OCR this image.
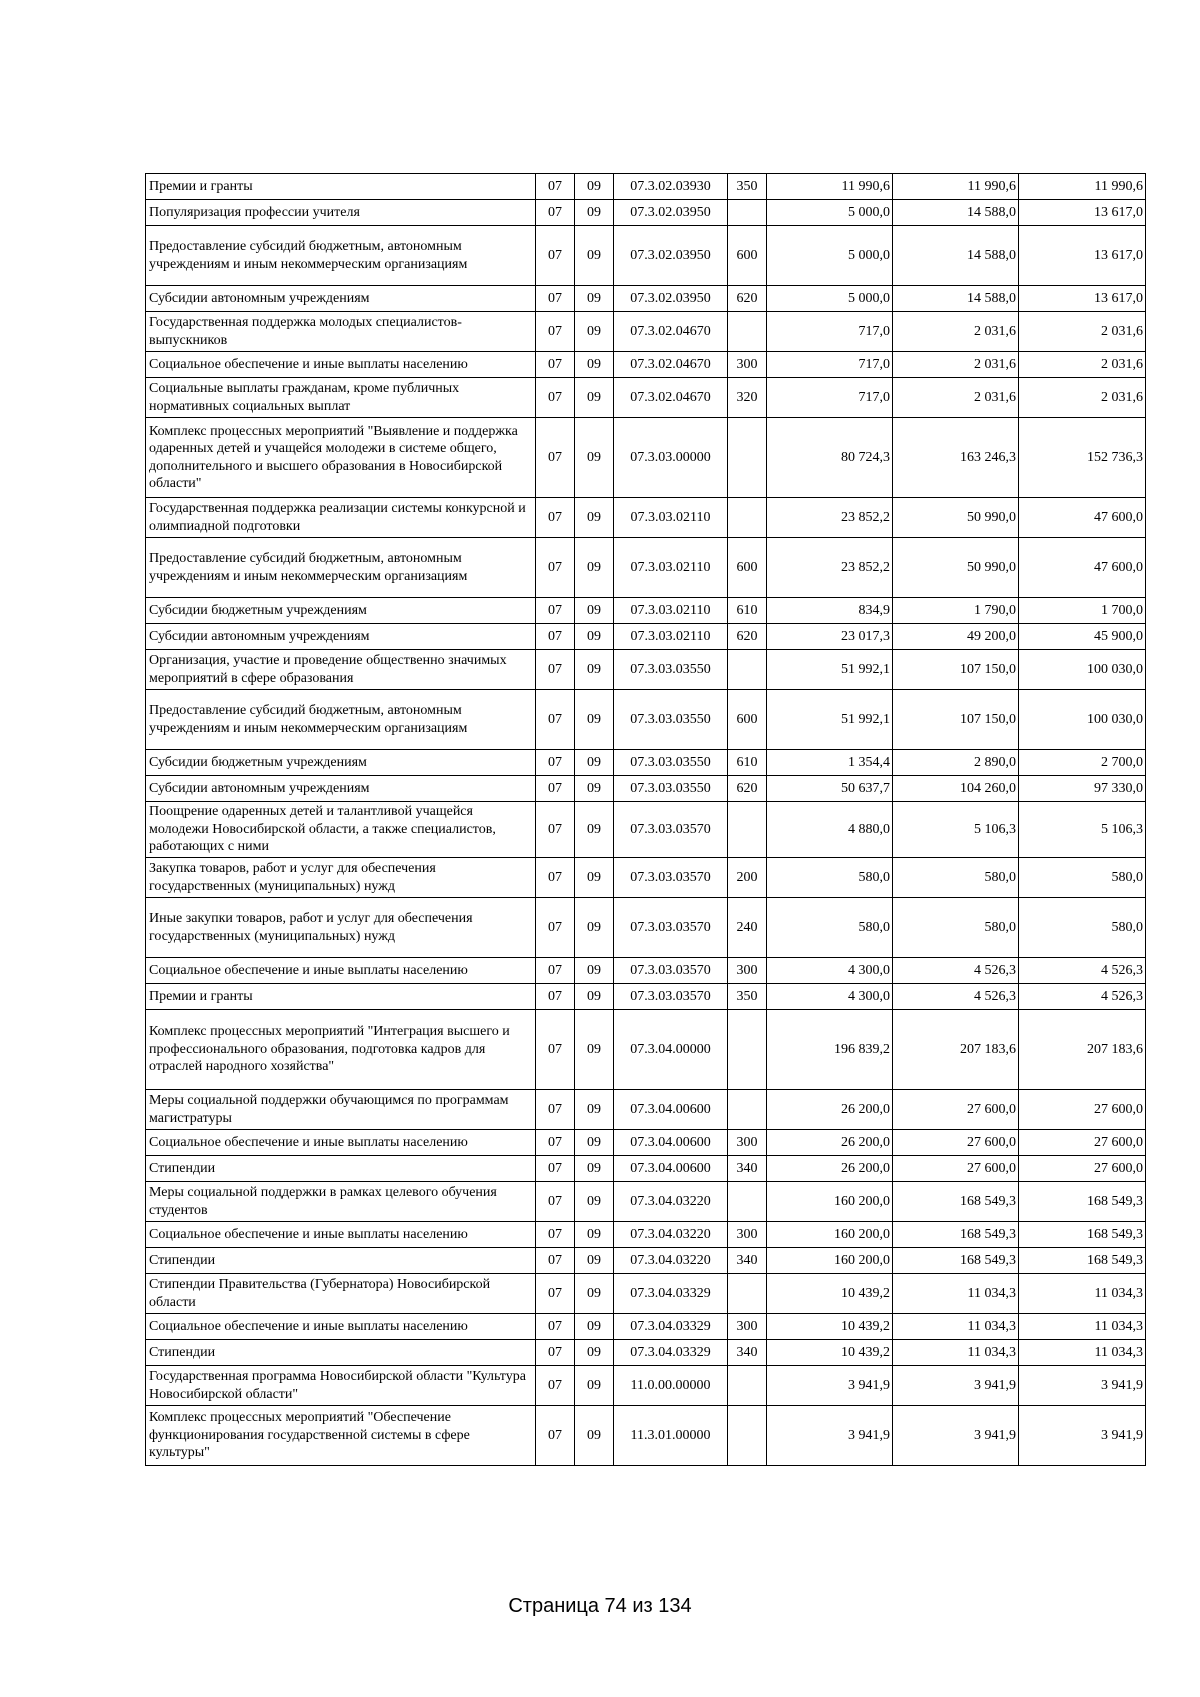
Премии и гранты	07	09	07.3.02.03930	350	11 990,6	11 990,6	11 990,6
Популяризация профессии учителя	07	09	07.3.02.03950		5 000,0	14 588,0	13 617,0
Предоставление субсидий бюджетным, автономным учреждениям и иным некоммерческим организациям	07	09	07.3.02.03950	600	5 000,0	14 588,0	13 617,0
Субсидии автономным учреждениям	07	09	07.3.02.03950	620	5 000,0	14 588,0	13 617,0
Государственная поддержка молодых специалистов-выпускников	07	09	07.3.02.04670		717,0	2 031,6	2 031,6
Социальное обеспечение и иные выплаты населению	07	09	07.3.02.04670	300	717,0	2 031,6	2 031,6
Социальные выплаты гражданам, кроме публичных нормативных социальных выплат	07	09	07.3.02.04670	320	717,0	2 031,6	2 031,6
Комплекс процессных мероприятий "Выявление и поддержка одаренных детей и учащейся молодежи в системе общего, дополнительного и высшего образования в Новосибирской области"	07	09	07.3.03.00000		80 724,3	163 246,3	152 736,3
Государственная поддержка реализации системы конкурсной и олимпиадной подготовки	07	09	07.3.03.02110		23 852,2	50 990,0	47 600,0
Предоставление субсидий бюджетным, автономным учреждениям и иным некоммерческим организациям	07	09	07.3.03.02110	600	23 852,2	50 990,0	47 600,0
Субсидии бюджетным учреждениям	07	09	07.3.03.02110	610	834,9	1 790,0	1 700,0
Субсидии автономным учреждениям	07	09	07.3.03.02110	620	23 017,3	49 200,0	45 900,0
Организация, участие и проведение общественно значимых мероприятий в сфере образования	07	09	07.3.03.03550		51 992,1	107 150,0	100 030,0
Предоставление субсидий бюджетным, автономным учреждениям и иным некоммерческим организациям	07	09	07.3.03.03550	600	51 992,1	107 150,0	100 030,0
Субсидии бюджетным учреждениям	07	09	07.3.03.03550	610	1 354,4	2 890,0	2 700,0
Субсидии автономным учреждениям	07	09	07.3.03.03550	620	50 637,7	104 260,0	97 330,0
Поощрение одаренных детей и талантливой учащейся молодежи Новосибирской области, а также специалистов, работающих с ними	07	09	07.3.03.03570		4 880,0	5 106,3	5 106,3
Закупка товаров, работ и услуг для обеспечения государственных (муниципальных) нужд	07	09	07.3.03.03570	200	580,0	580,0	580,0
Иные закупки товаров, работ и услуг для обеспечения государственных (муниципальных) нужд	07	09	07.3.03.03570	240	580,0	580,0	580,0
Социальное обеспечение и иные выплаты населению	07	09	07.3.03.03570	300	4 300,0	4 526,3	4 526,3
Премии и гранты	07	09	07.3.03.03570	350	4 300,0	4 526,3	4 526,3
Комплекс процессных мероприятий "Интеграция высшего и профессионального образования, подготовка кадров для отраслей народного хозяйства"	07	09	07.3.04.00000		196 839,2	207 183,6	207 183,6
Меры социальной поддержки обучающимся по программам магистратуры	07	09	07.3.04.00600		26 200,0	27 600,0	27 600,0
Социальное обеспечение и иные выплаты населению	07	09	07.3.04.00600	300	26 200,0	27 600,0	27 600,0
Стипендии	07	09	07.3.04.00600	340	26 200,0	27 600,0	27 600,0
Меры социальной поддержки в рамках целевого обучения студентов	07	09	07.3.04.03220		160 200,0	168 549,3	168 549,3
Социальное обеспечение и иные выплаты населению	07	09	07.3.04.03220	300	160 200,0	168 549,3	168 549,3
Стипендии	07	09	07.3.04.03220	340	160 200,0	168 549,3	168 549,3
Стипендии Правительства (Губернатора) Новосибирской области	07	09	07.3.04.03329		10 439,2	11 034,3	11 034,3
Социальное обеспечение и иные выплаты населению	07	09	07.3.04.03329	300	10 439,2	11 034,3	11 034,3
Стипендии	07	09	07.3.04.03329	340	10 439,2	11 034,3	11 034,3
Государственная программа Новосибирской области "Культура Новосибирской области"	07	09	11.0.00.00000		3 941,9	3 941,9	3 941,9
Комплекс процессных мероприятий "Обеспечение функционирования государственной системы в сфере культуры"	07	09	11.3.01.00000		3 941,9	3 941,9	3 941,9
Страница 74 из 134
